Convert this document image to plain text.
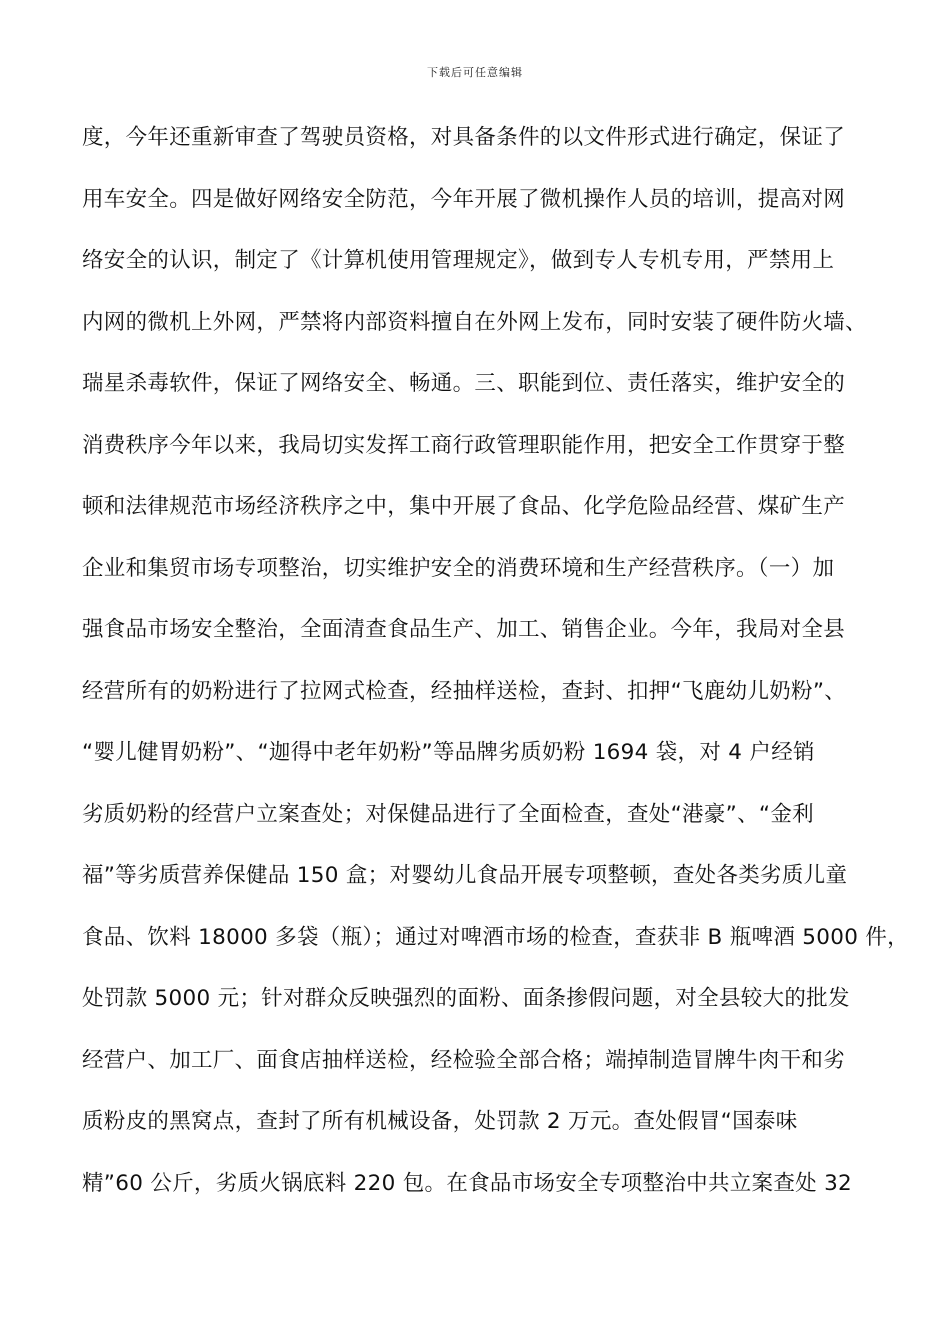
下载后可任意编辑
度，今年还重新审查了驾驶员资格，对具备条件的以文件形式进行确定，保证了
用车安全。四是做好网络安全防范，今年开展了微机操作人员的培训，提高对网
络安全的认识，制定了《计算机使用管理规定》，做到专人专机专用，严禁用上
内网的微机上外网，严禁将内部资料擅自在外网上发布，同时安装了硬件防火墙、
瑞星杀毒软件，保证了网络安全、畅通。三、职能到位、责任落实，维护安全的
消费秩序今年以来，我局切实发挥工商行政管理职能作用，把安全工作贯穿于整
顿和法律规范市场经济秩序之中，集中开展了食品、化学危险品经营、煤矿生产
企业和集贸市场专项整治，切实维护安全的消费环境和生产经营秩序。（一）加
强食品市场安全整治，全面清查食品生产、加工、销售企业。今年，我局对全县
经营所有的奶粉进行了拉网式检查，经抽样送检，查封、扣押“飞鹿幼儿奶粉”、
“婴儿健胃奶粉”、“迦得中老年奶粉”等品牌劣质奶粉 1694 袋，对 4 户经销
劣质奶粉的经营户立案查处；对保健品进行了全面检查，查处“港豪”、“金利
福”等劣质营养保健品 150 盒；对婴幼儿食品开展专项整顿，查处各类劣质儿童
食品、饮料 18000 多袋（瓶）；通过对啤酒市场的检查，查获非 B 瓶啤酒 5000 件，
处罚款 5000 元；针对群众反映强烈的面粉、面条掺假问题，对全县较大的批发
经营户、加工厂、面食店抽样送检，经检验全部合格；端掉制造冒牌牛肉干和劣
质粉皮的黑窝点，查封了所有机械设备，处罚款 2 万元。查处假冒“国泰味
精”60 公斤，劣质火锅底料 220 包。在食品市场安全专项整治中共立案查处 32
